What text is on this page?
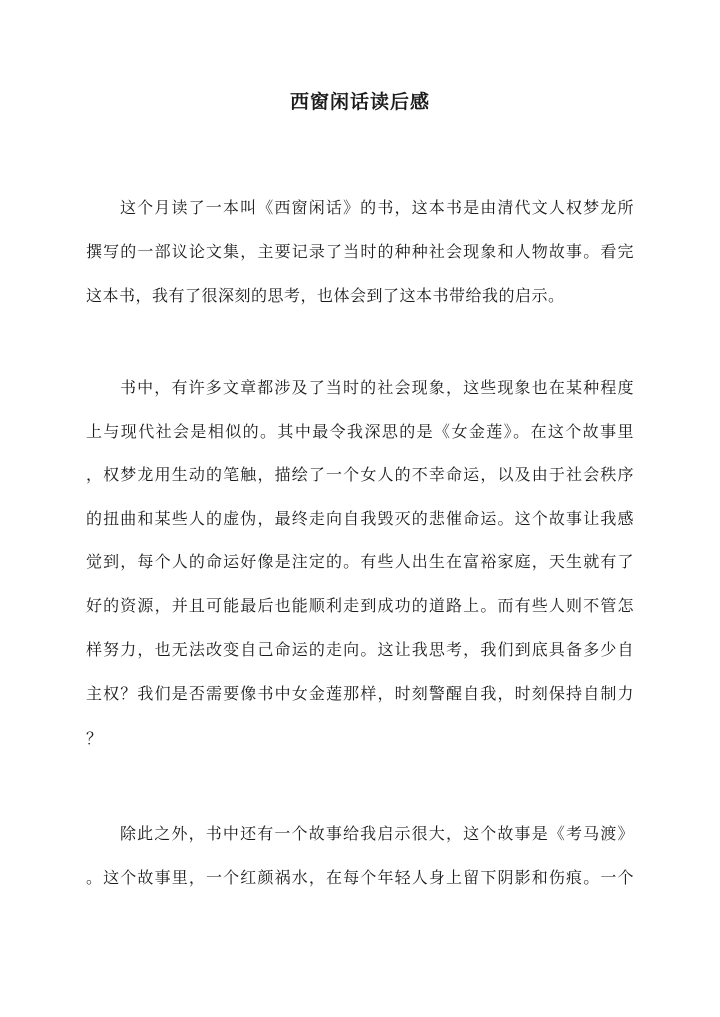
西窗闲话读后感
这个月读了一本叫《西窗闲话》的书，这本书是由清代文人权梦龙所
撰写的一部议论文集，主要记录了当时的种种社会现象和人物故事。看完
这本书，我有了很深刻的思考，也体会到了这本书带给我的启示。
书中，有许多文章都涉及了当时的社会现象，这些现象也在某种程度
上与现代社会是相似的。其中最令我深思的是《女金莲》。在这个故事里
，权梦龙用生动的笔触，描绘了一个女人的不幸命运，以及由于社会秩序
的扭曲和某些人的虚伪，最终走向自我毁灭的悲催命运。这个故事让我感
觉到，每个人的命运好像是注定的。有些人出生在富裕家庭，天生就有了
好的资源，并且可能最后也能顺利走到成功的道路上。而有些人则不管怎
样努力，也无法改变自己命运的走向。这让我思考，我们到底具备多少自
主权？我们是否需要像书中女金莲那样，时刻警醒自我，时刻保持自制力
？
除此之外，书中还有一个故事给我启示很大，这个故事是《考马渡》
。这个故事里，一个红颜祸水，在每个年轻人身上留下阴影和伤痕。一个
